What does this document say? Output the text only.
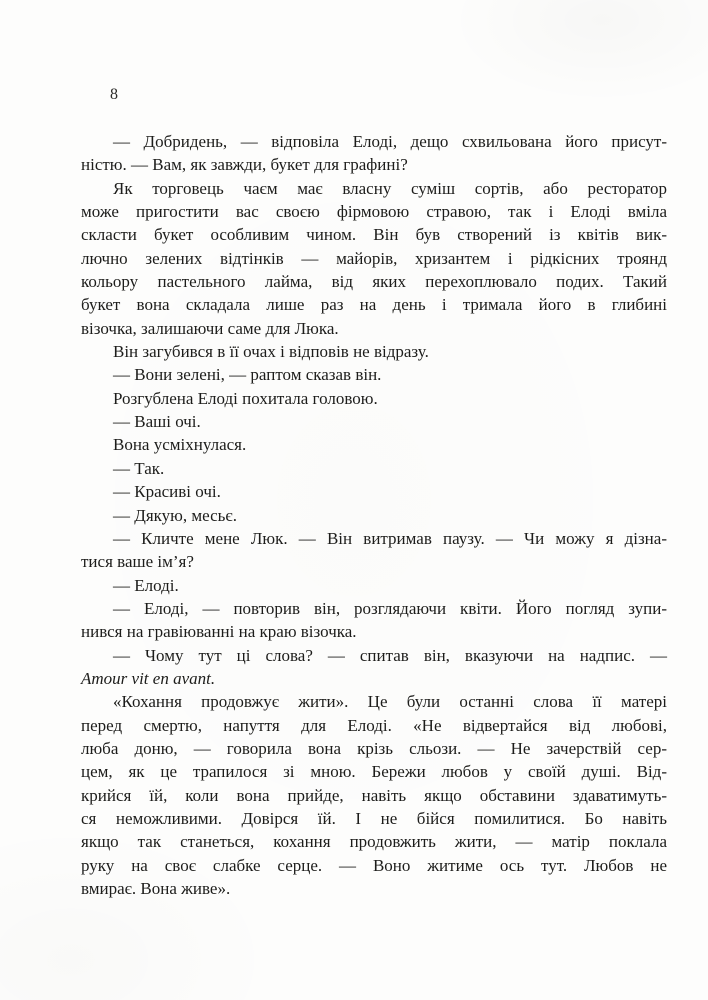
8
— Добридень, — відповіла Елоді, дещо схвильована його присут-
ністю. — Вам, як завжди, букет для графині?
Як торговець чаєм має власну суміш сортів, або ресторатор
може пригостити вас своєю фірмовою стравою, так і Елоді вміла
скласти букет особливим чином. Він був створений із квітів вик-
лючно зелених відтінків — майорів, хризантем і рідкісних троянд
кольору пастельного лайма, від яких перехоплювало подих. Такий
букет вона складала лише раз на день і тримала його в глибині
візочка, залишаючи саме для Люка.
Він загубився в її очах і відповів не відразу.
— Вони зелені, — раптом сказав він.
Розгублена Елоді похитала головою.
— Ваші очі.
Вона усміхнулася.
— Так.
— Красиві очі.
— Дякую, месьє.
— Кличте мене Люк. — Він витримав паузу. — Чи можу я дізна-
тися ваше ім’я?
— Елоді.
— Елоді, — повторив він, розглядаючи квіти. Його погляд зупи-
нився на гравіюванні на краю візочка.
— Чому тут ці слова? — спитав він, вказуючи на надпис. —
Amour vit en avant.
«Кохання продовжує жити». Це були останні слова її матері
перед смертю, напуття для Елоді. «Не відвертайся від любові,
люба доню, — говорила вона крізь сльози. — Не зачерствій сер-
цем, як це трапилося зі мною. Бережи любов у своїй душі. Від-
крийся їй, коли вона прийде, навіть якщо обставини здаватимуть-
ся неможливими. Довірся їй. І не бійся помилитися. Бо навіть
якщо так станеться, кохання продовжить жити, — матір поклала
руку на своє слабке серце. — Воно житиме ось тут. Любов не
вмирає. Вона живе».
